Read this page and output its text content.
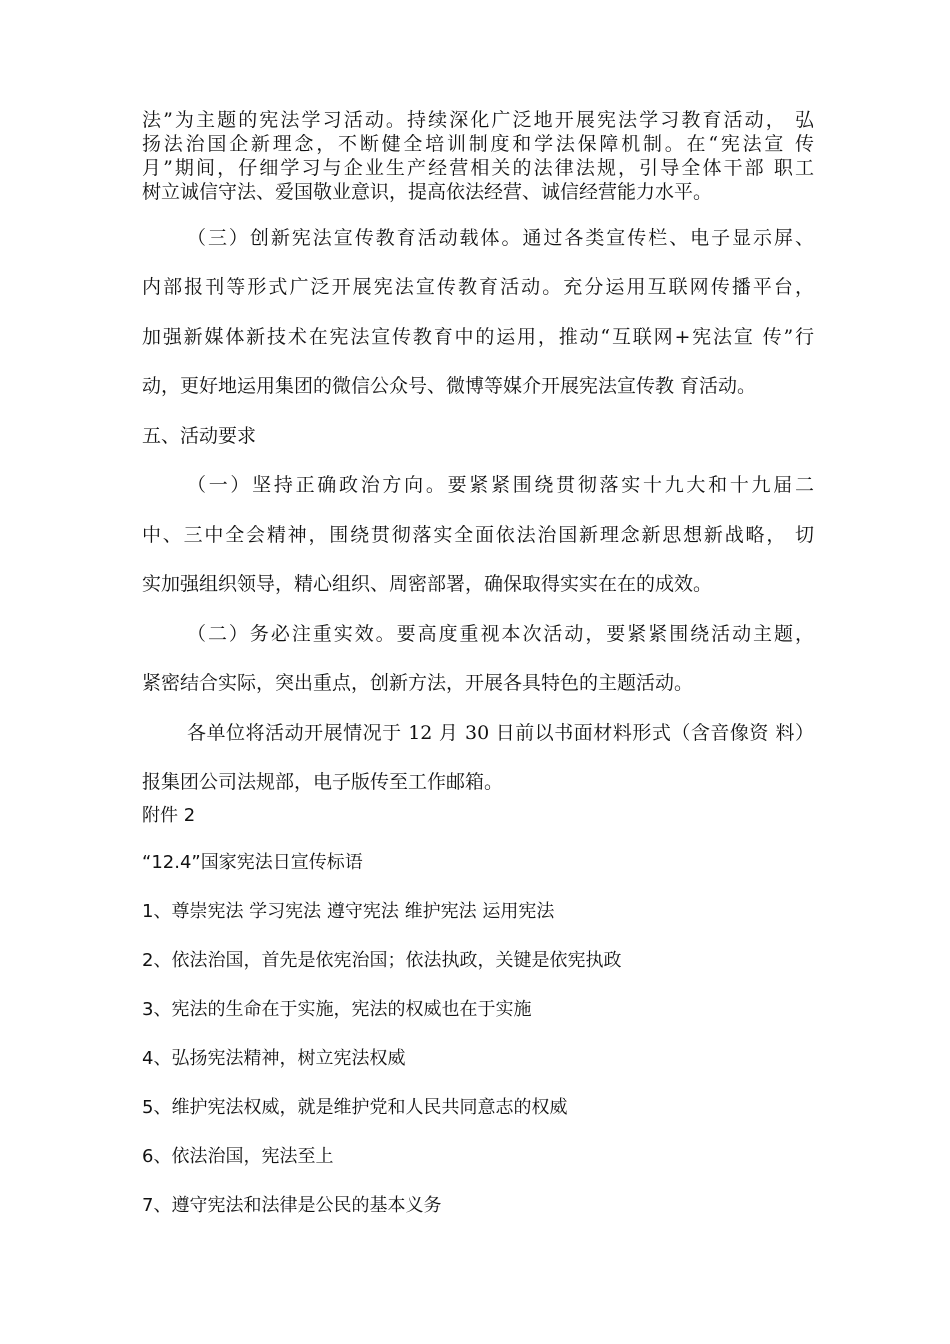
法”为主题的宪法学习活动。持续深化广泛地开展宪法学习教育活动， 弘
扬法治国企新理念，不断健全培训制度和学法保障机制。在“宪法宣 传
月”期间，仔细学习与企业生产经营相关的法律法规，引导全体干部 职工
树立诚信守法、爱国敬业意识，提高依法经营、诚信经营能力水平。
（三）创新宪法宣传教育活动载体。通过各类宣传栏、电子显示屏、
内部报刊等形式广泛开展宪法宣传教育活动。充分运用互联网传播平台，
加强新媒体新技术在宪法宣传教育中的运用，推动“互联网+宪法宣 传”行
动，更好地运用集团的微信公众号、微博等媒介开展宪法宣传教 育活动。
五、活动要求
（一）坚持正确政治方向。要紧紧围绕贯彻落实十九大和十九届二
中、三中全会精神，围绕贯彻落实全面依法治国新理念新思想新战略， 切
实加强组织领导，精心组织、周密部署，确保取得实实在在的成效。
（二）务必注重实效。要高度重视本次活动，要紧紧围绕活动主题，
紧密结合实际，突出重点，创新方法，开展各具特色的主题活动。
各单位将活动开展情况于 12 月 30 日前以书面材料形式（含音像资 料）
报集团公司法规部，电子版传至工作邮箱。
附件 2
“12.4”国家宪法日宣传标语
1、尊崇宪法 学习宪法 遵守宪法 维护宪法 运用宪法
2、依法治国，首先是依宪治国；依法执政，关键是依宪执政
3、宪法的生命在于实施，宪法的权威也在于实施
4、弘扬宪法精神，树立宪法权威
5、维护宪法权威，就是维护党和人民共同意志的权威
6、依法治国，宪法至上
7、遵守宪法和法律是公民的基本义务
